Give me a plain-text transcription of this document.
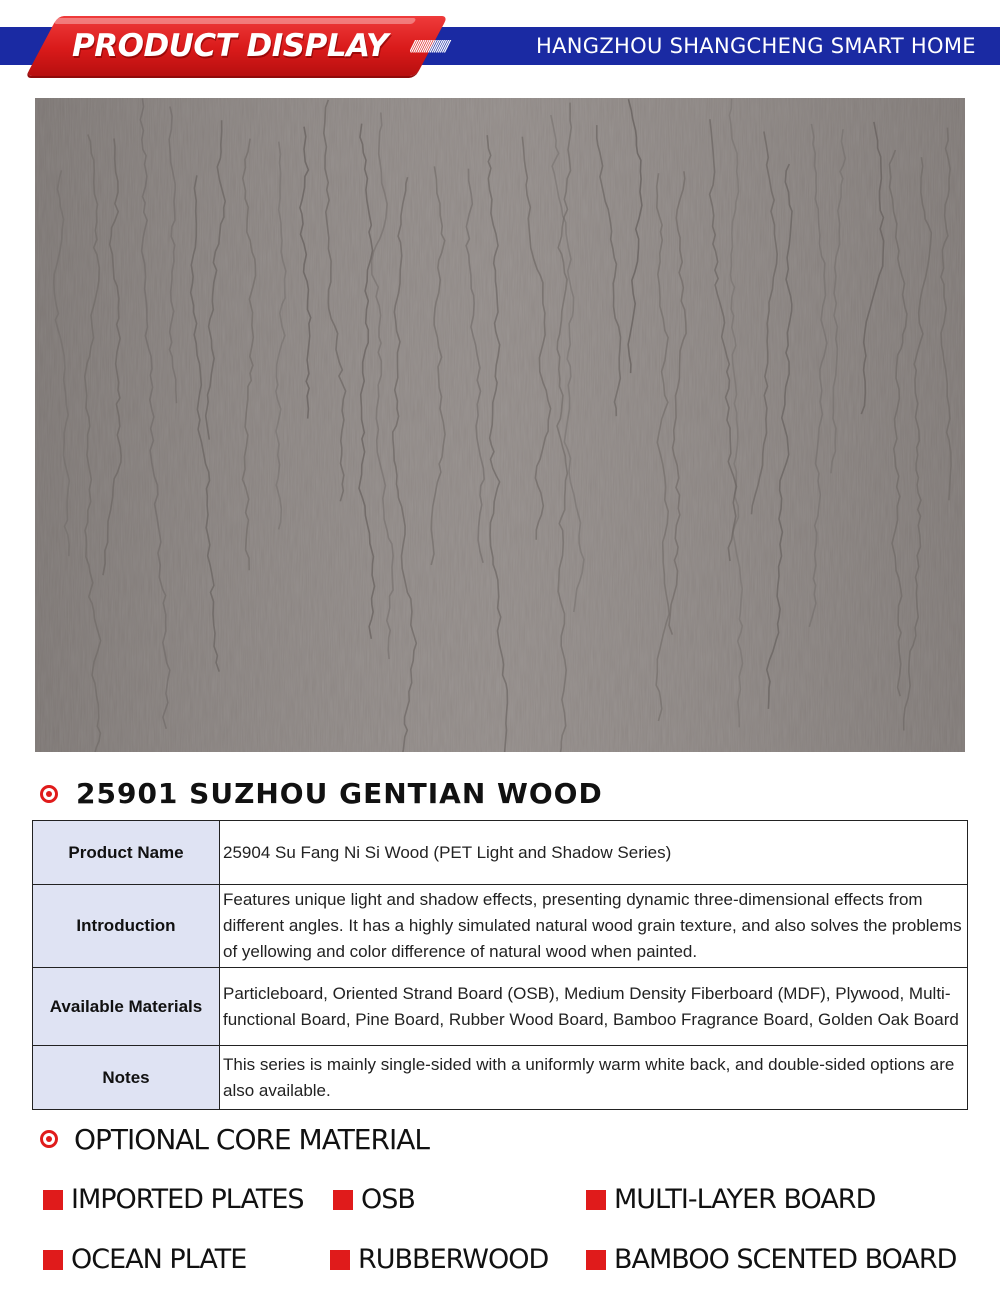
PRODUCT DISPLAY //////////////////	HANGZHOU SHANGCHENG SMART HOME
25901 SUZHOU GENTIAN WOOD
Product Name	25904 Su Fang Ni Si Wood (PET Light and Shadow Series)
Introduction	Features unique light and shadow effects, presenting dynamic three-dimensional effects from different angles. It has a highly simulated natural wood grain texture, and also solves the problems of yellowing and color difference of natural wood when painted.
Available Materials	Particleboard, Oriented Strand Board (OSB), Medium Density Fiberboard (MDF), Plywood, Multi-functional Board, Pine Board, Rubber Wood Board, Bamboo Fragrance Board, Golden Oak Board
Notes	This series is mainly single-sided with a uniformly warm white back, and double-sided options are also available.
OPTIONAL CORE MATERIAL
IMPORTED PLATES OSB	MULTI-LAYER BOARD
OCEAN PLATE	RUBBERWOOD BAMBOO SCENTED BOARD
